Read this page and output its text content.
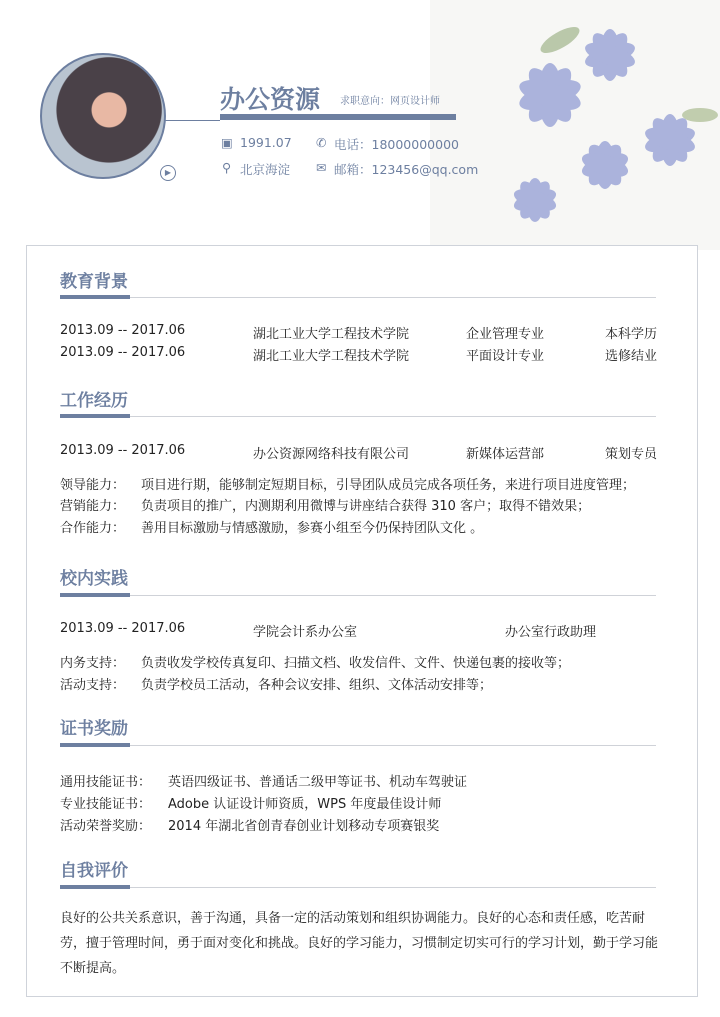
▶
办公资源 求职意向：网页设计师
▣ 1991.07 ✆ 电话：18000000000
⚲ 北京海淀 ✉ 邮箱：123456@qq.com
教育背景
2013.09 -- 2017.06	湖北工业大学工程技术学院	企业管理专业	本科学历
2013.09 -- 2017.06	湖北工业大学工程技术学院	平面设计专业	选修结业
工作经历
2013.09 -- 2017.06	办公资源网络科技有限公司	新媒体运营部	策划专员
领导能力： 项目进行期，能够制定短期目标，引导团队成员完成各项任务，来进行项目进度管理；
营销能力： 负责项目的推广，内测期利用微博与讲座结合获得 310 客户；取得不错效果；
合作能力： 善用目标激励与情感激励，参赛小组至今仍保持团队文化 。
校内实践
2013.09 -- 2017.06	学院会计系办公室	办公室行政助理
内务支持： 负责收发学校传真复印、扫描文档、收发信件、文件、快递包裹的接收等；
活动支持： 负责学校员工活动，各种会议安排、组织、文体活动安排等；
证书奖励
通用技能证书： 英语四级证书、普通话二级甲等证书、机动车驾驶证
专业技能证书： Adobe 认证设计师资质，WPS 年度最佳设计师
活动荣誉奖励： 2014 年湖北省创青春创业计划移动专项赛银奖
自我评价
良好的公共关系意识，善于沟通，具备一定的活动策划和组织协调能力。良好的心态和责任感，吃苦耐劳，擅于管理时间，勇于面对变化和挑战。良好的学习能力，习惯制定切实可行的学习计划，勤于学习能不断提高。
